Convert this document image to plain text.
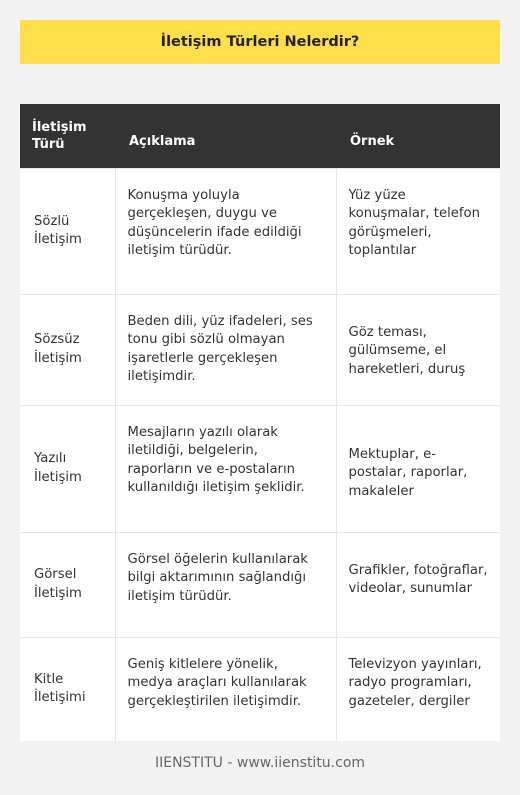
İletişim Türleri Nelerdir?
İletişim Türü	Açıklama	Örnek

Sözlü İletişim	Konuşma yoluyla gerçekleşen, duygu ve düşüncelerin ifade edildiği iletişim türüdür.	Yüz yüze konuşmalar, telefon görüşmeleri, toplantılar

Sözsüz İletişim	Beden dili, yüz ifadeleri, ses tonu gibi sözlü olmayan işaretlerle gerçekleşen iletişimdir.	Göz teması, gülümseme, el hareketleri, duruş

Yazılı İletişim	Mesajların yazılı olarak iletildiği, belgelerin, raporların ve e-postaların kullanıldığı iletişim şeklidir.	Mektuplar, e-postalar, raporlar, makaleler

Görsel İletişim	Görsel öğelerin kullanılarak bilgi aktarımının sağlandığı iletişim türüdür.	Grafikler, fotoğraflar, videolar, sunumlar

Kitle İletişimi	Geniş kitlelere yönelik, medya araçları kullanılarak gerçekleştirilen iletişimdir.	Televizyon yayınları, radyo programları, gazeteler, dergiler
IIENSTITU - www.iienstitu.com
